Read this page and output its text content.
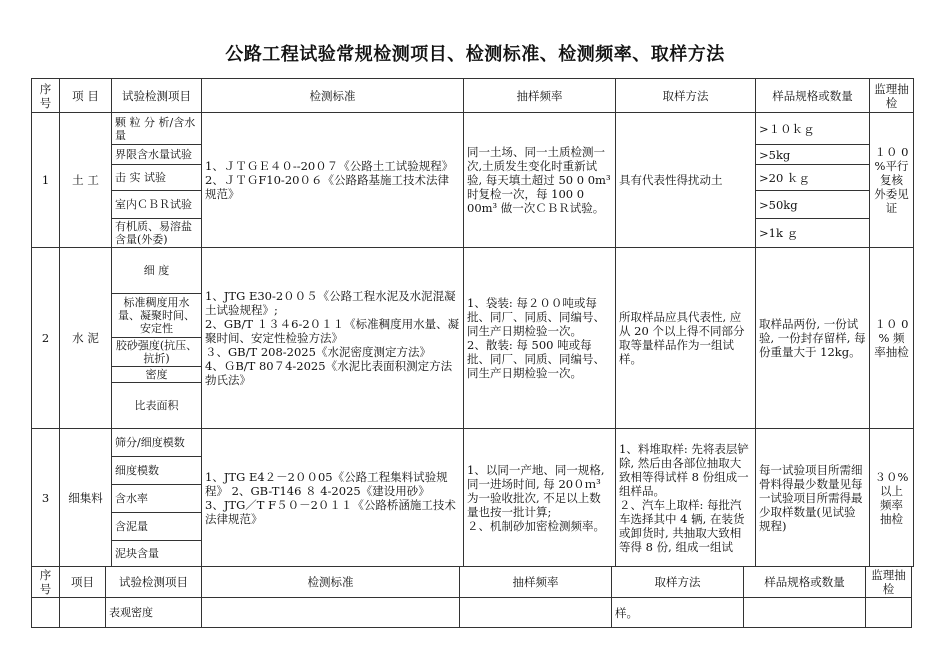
公路工程试验常规检测项目、检测标准、检测频率、取样方法
序号	项 目	试验检测项目	检测标准	抽样频率	取样方法	样品规格或数量	监理抽检
1	土 工	颗 粒 分 析/含水量	1、ＪＴＧＥ４０--20０７《公路土工试验规程》
2、ＪＴＧF10-20０６《公路路基施工技术法律规范》	同一土场、同一土质检测一次,土质发生变化时重新试验, 每天填土超过 50 0 0m³ 时复检一次，每 100 0 00m³ 做一次ＣＢＲ试验。	具有代表性得扰动土	>１０ｋｇ	１０ 0 %平行复核 外委见证
		界限含水量试验				>5kg	
		击 实 试验				>20 ｋｇ	
		室内ＣＢＲ试验				>50kg	
		有机质、易溶盐含量(外委)				>1k ｇ	
2	水 泥	细 度	1、JTG E30-2００５《公路工程水泥及水泥混凝土试验规程》;
2、GB/T １３４6-2０１１《标准稠度用水量、凝聚时间、安定性检验方法》
３、GB/T 208-2025《水泥密度测定方法》
4、ＧB/T 80７4-2025《水泥比表面积测定方法 勃氏法》	1、袋装: 每２００吨或每批、同厂、同质、同编号、同生产日期检验一次。
2、散装: 每 500 吨或每批、同厂、同质、同编号、同生产日期检验一次。	所取样品应具代表性, 应从 20 个以上得不同部分取等量样品作为一组试样。	取样品两份, 一份试验, 一份封存留样, 每份重量大于 12kg。	１０ 0 % 频率抽检
		标准稠度用水量、凝聚时间、安定性					
		胶砂强度(抗压、抗折)					
		密度					
		比表面积					
3	细集料	筛分/细度模数	1、JTG E4２－2００05《公路工程集料试验规程》 2、GB-T146 ８ 4-2025《建设用砂》
3、JTG／T F５０－2０１１《公路桥涵施工技术法律规范》	1、以同一产地、同一规格, 同一进场时间, 每 20０ｍ³ 为一验收批次, 不足以上数量也按一批计算;
２、机制砂加密检测频率。	1、料堆取样: 先将表层铲除, 然后由各部位抽取大致相等得试样 8 份组成一组样品。
２、汽车上取样: 每批汽车选择其中 4 辆, 在装货或卸货时, 共抽取大致相等得 8 份, 组成一组试	每一试验项目所需细骨料得最少数量见每一试验项目所需得最少取样数量(见试验规程)	３０% 以上 频率 抽检
		细度模数					
		含水率					
		含泥量					
		泥块含量					
序号	项目	试验检测项目	检测标准	抽样频率	取样方法	样品规格或数量	监理抽检
		表观密度			样。		
